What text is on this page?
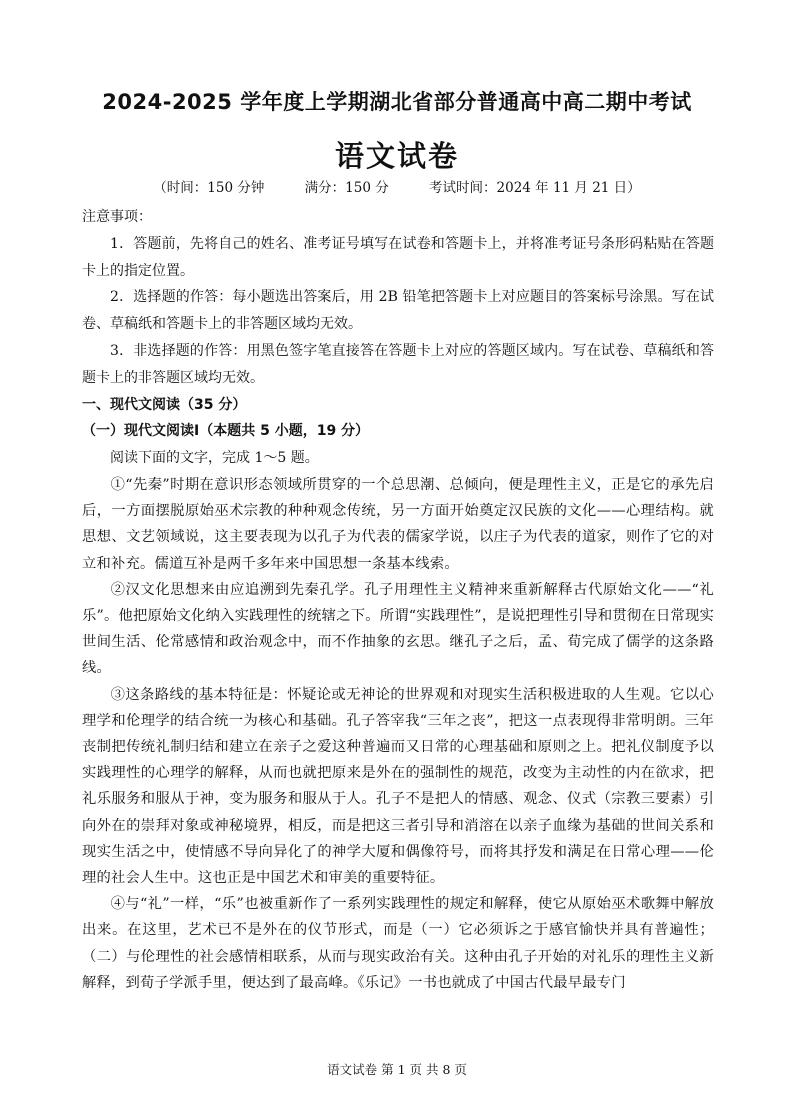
2024-2025 学年度上学期湖北省部分普通高中高二期中考试
语文试卷
（时间：150 分钟	满分：150 分	考试时间：2024 年 11 月 21 日）

注意事项：

1．答题前，先将自己的姓名、准考证号填写在试卷和答题卡上，并将准考证号条形码粘贴在答题卡上的指定位置。

2．选择题的作答：每小题选出答案后，用 2B 铅笔把答题卡上对应题目的答案标号涂黑。写在试卷、草稿纸和答题卡上的非答题区域均无效。

3．非选择题的作答：用黑色签字笔直接答在答题卡上对应的答题区域内。写在试卷、草稿纸和答题卡上的非答题区域均无效。

一、现代文阅读（35 分）

（一）现代文阅读Ⅰ（本题共 5 小题，19 分）

阅读下面的文字，完成 1～5 题。

①“先秦”时期在意识形态领域所贯穿的一个总思潮、总倾向，便是理性主义，正是它的承先启后，一方面摆脱原始巫术宗教的种种观念传统，另一方面开始奠定汉民族的文化——心理结构。就思想、文艺领域说，这主要表现为以孔子为代表的儒家学说，以庄子为代表的道家，则作了它的对立和补充。儒道互补是两千多年来中国思想一条基本线索。

②汉文化思想来由应追溯到先秦孔学。孔子用理性主义精神来重新解释古代原始文化——“礼乐”。他把原始文化纳入实践理性的统辖之下。所谓“实践理性”，是说把理性引导和贯彻在日常现实世间生活、伦常感情和政治观念中，而不作抽象的玄思。继孔子之后，孟、荀完成了儒学的这条路线。

③这条路线的基本特征是：怀疑论或无神论的世界观和对现实生活积极进取的人生观。它以心理学和伦理学的结合统一为核心和基础。孔子答宰我“三年之丧”，把这一点表现得非常明朗。三年丧制把传统礼制归结和建立在亲子之爱这种普遍而又日常的心理基础和原则之上。把礼仪制度予以实践理性的心理学的解释，从而也就把原来是外在的强制性的规范，改变为主动性的内在欲求，把礼乐服务和服从于神，变为服务和服从于人。孔子不是把人的情感、观念、仪式（宗教三要素）引向外在的崇拜对象或神秘境界，相反，而是把这三者引导和消溶在以亲子血缘为基础的世间关系和现实生活之中，使情感不导向异化了的神学大厦和偶像符号，而将其抒发和满足在日常心理——伦理的社会人生中。这也正是中国艺术和审美的重要特征。

④与“礼”一样，“乐”也被重新作了一系列实践理性的规定和解释，使它从原始巫术歌舞中解放出来。在这里，艺术已不是外在的仪节形式，而是（一）它必须诉之于感官愉快并具有普遍性；（二）与伦理性的社会感情相联系，从而与现实政治有关。这种由孔子开始的对礼乐的理性主义新解释，到荀子学派手里，便达到了最高峰。《乐记》一书也就成了中国古代最早最专门

语文试卷 第 1 页 共 8 页
